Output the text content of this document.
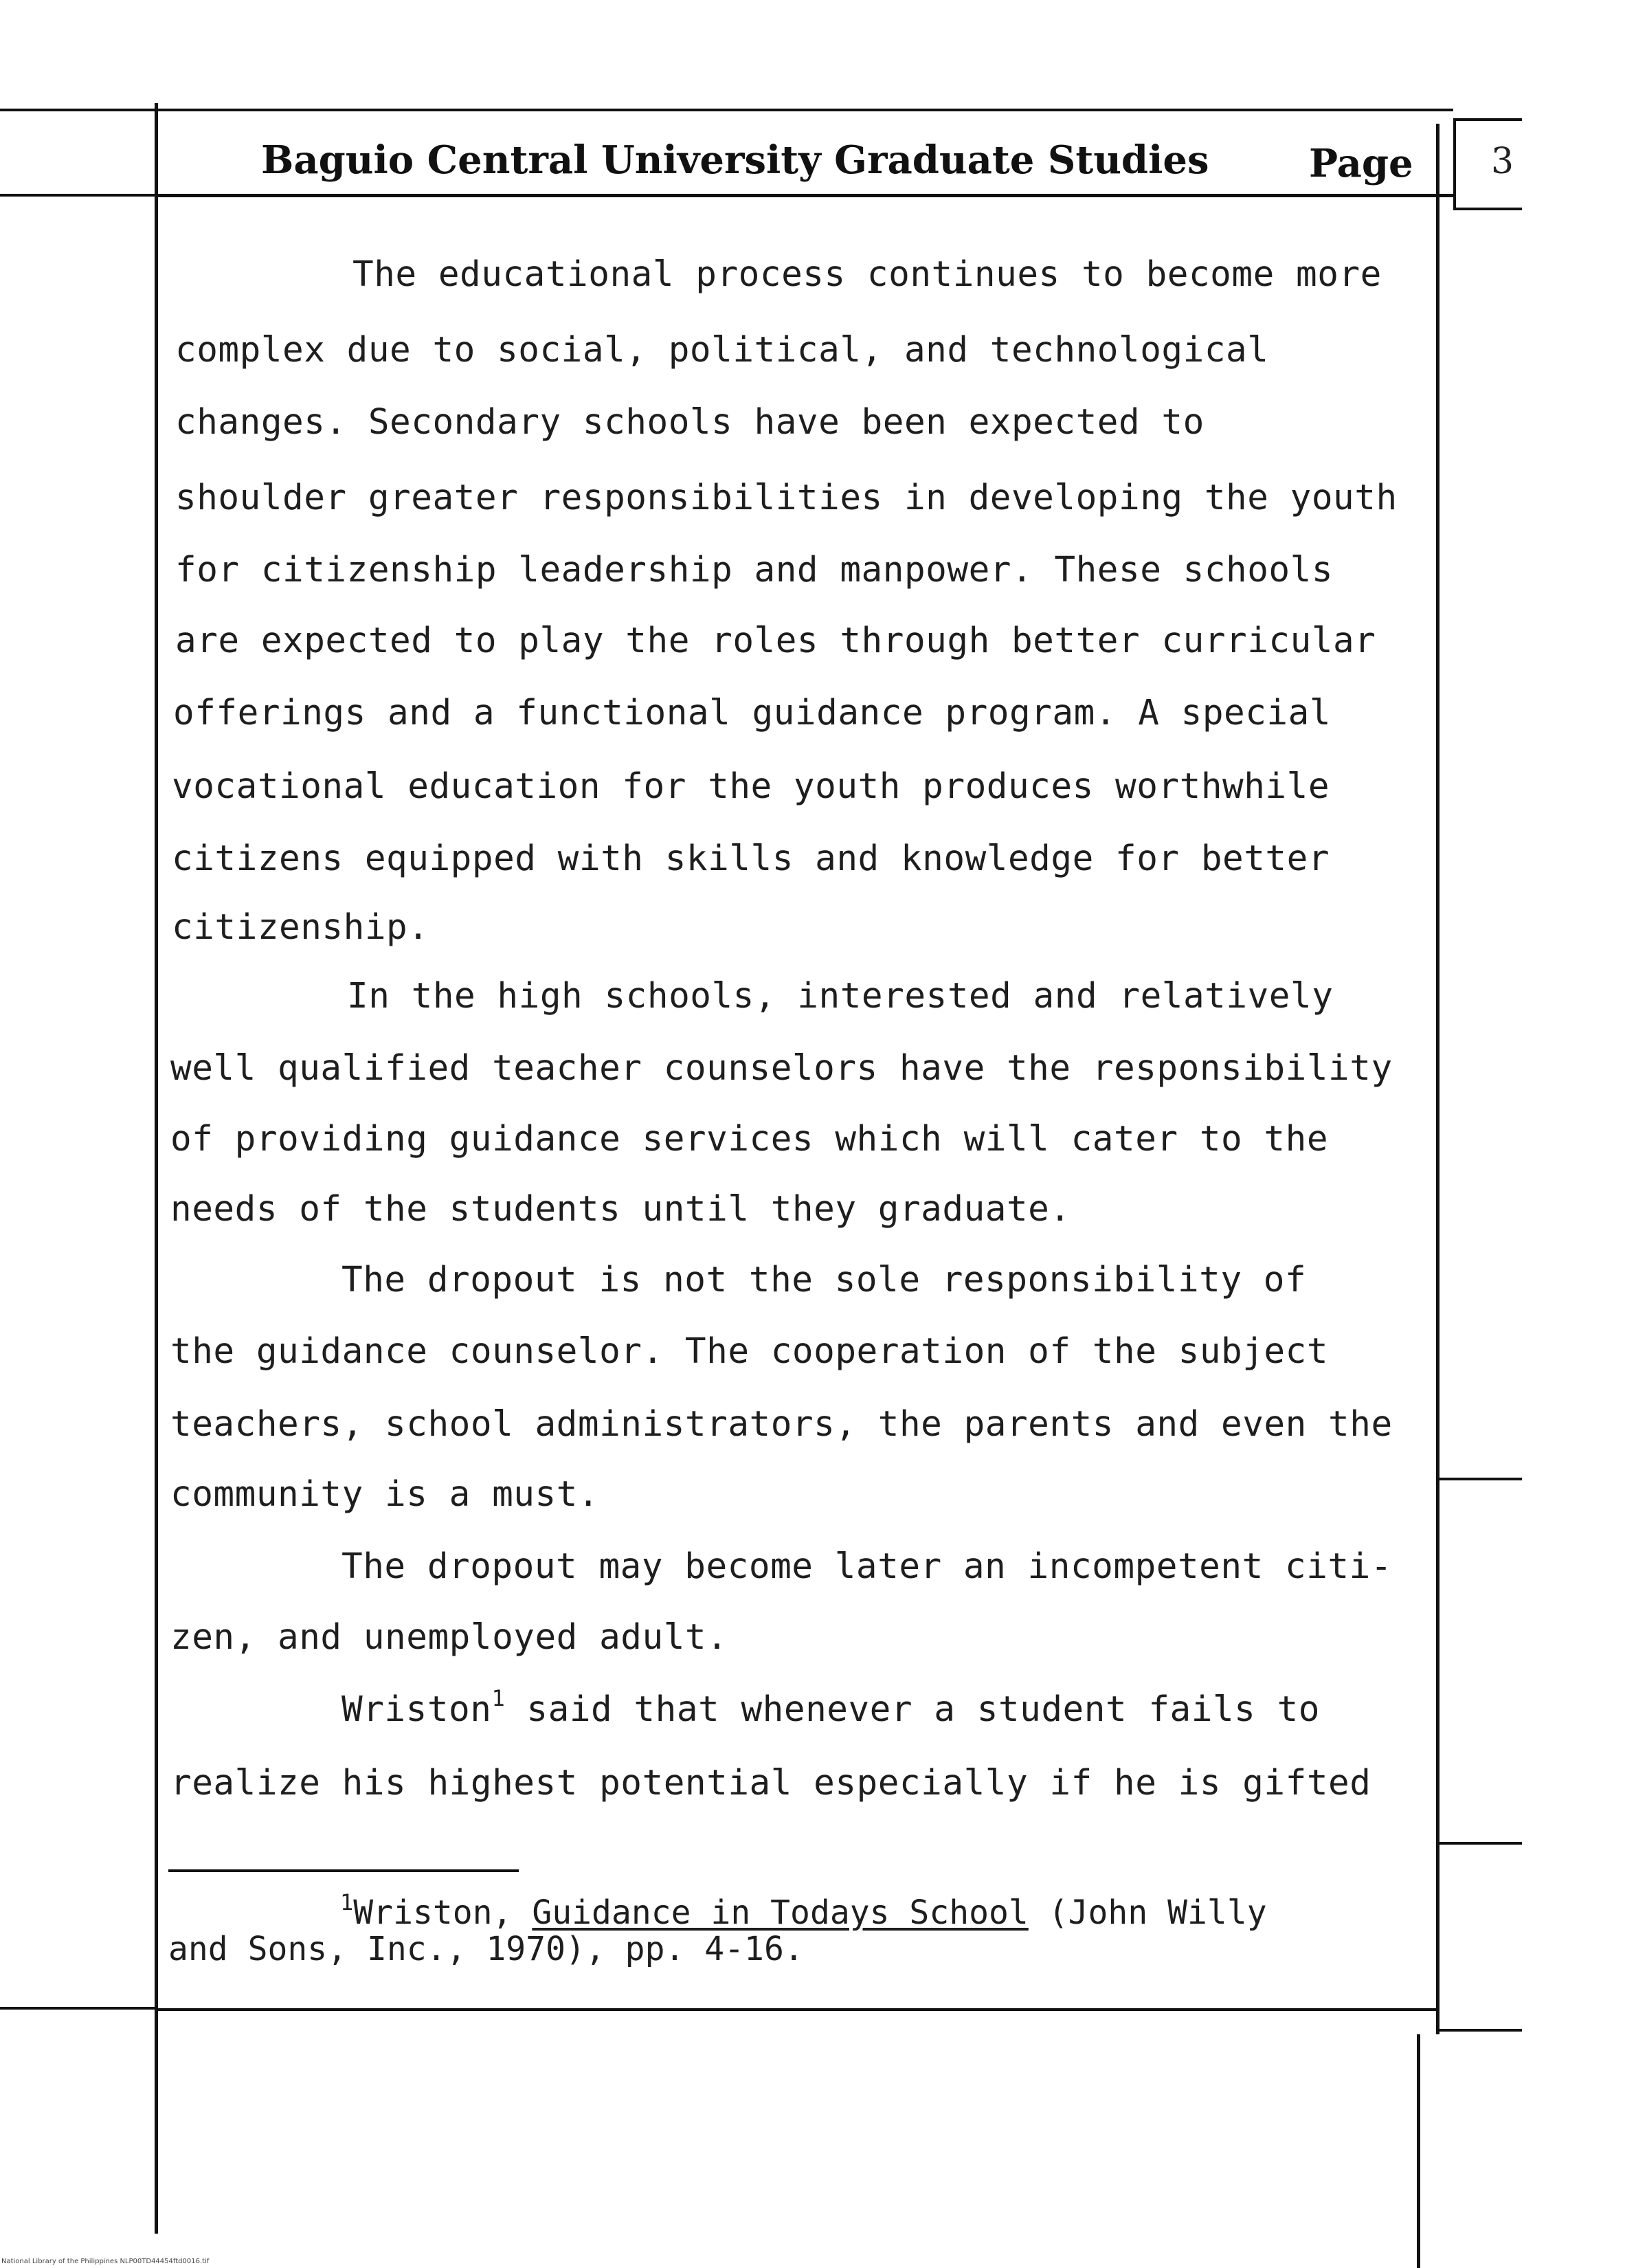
Baguio Central University Graduate Studies	Page 3
The educational process continues to become more
complex due to social, political, and technological
changes. Secondary schools have been expected to
shoulder greater responsibilities in developing the youth
for citizenship leadership and manpower. These schools
are expected to play the roles through better curricular
offerings and a functional guidance program. A special
vocational education for the youth produces worthwhile
citizens equipped with skills and knowledge for better
citizenship.
In the high schools, interested and relatively
well qualified teacher counselors have the responsibility
of providing guidance services which will cater to the
needs of the students until they graduate.
The dropout is not the sole responsibility of
the guidance counselor. The cooperation of the subject
teachers, school administrators, the parents and even the
community is a must.
The dropout may become later an incompetent citi-
zen, and unemployed adult.
Wriston$^1$ said that whenever a student fails to
realize his highest potential especially if he is gifted
$^1$Wriston, Guidance in Todays School (John Willy
and Sons, Inc., 1970), pp. 4-16.
National Library of the Philippines NLP00TD44454ftd0016.tif
